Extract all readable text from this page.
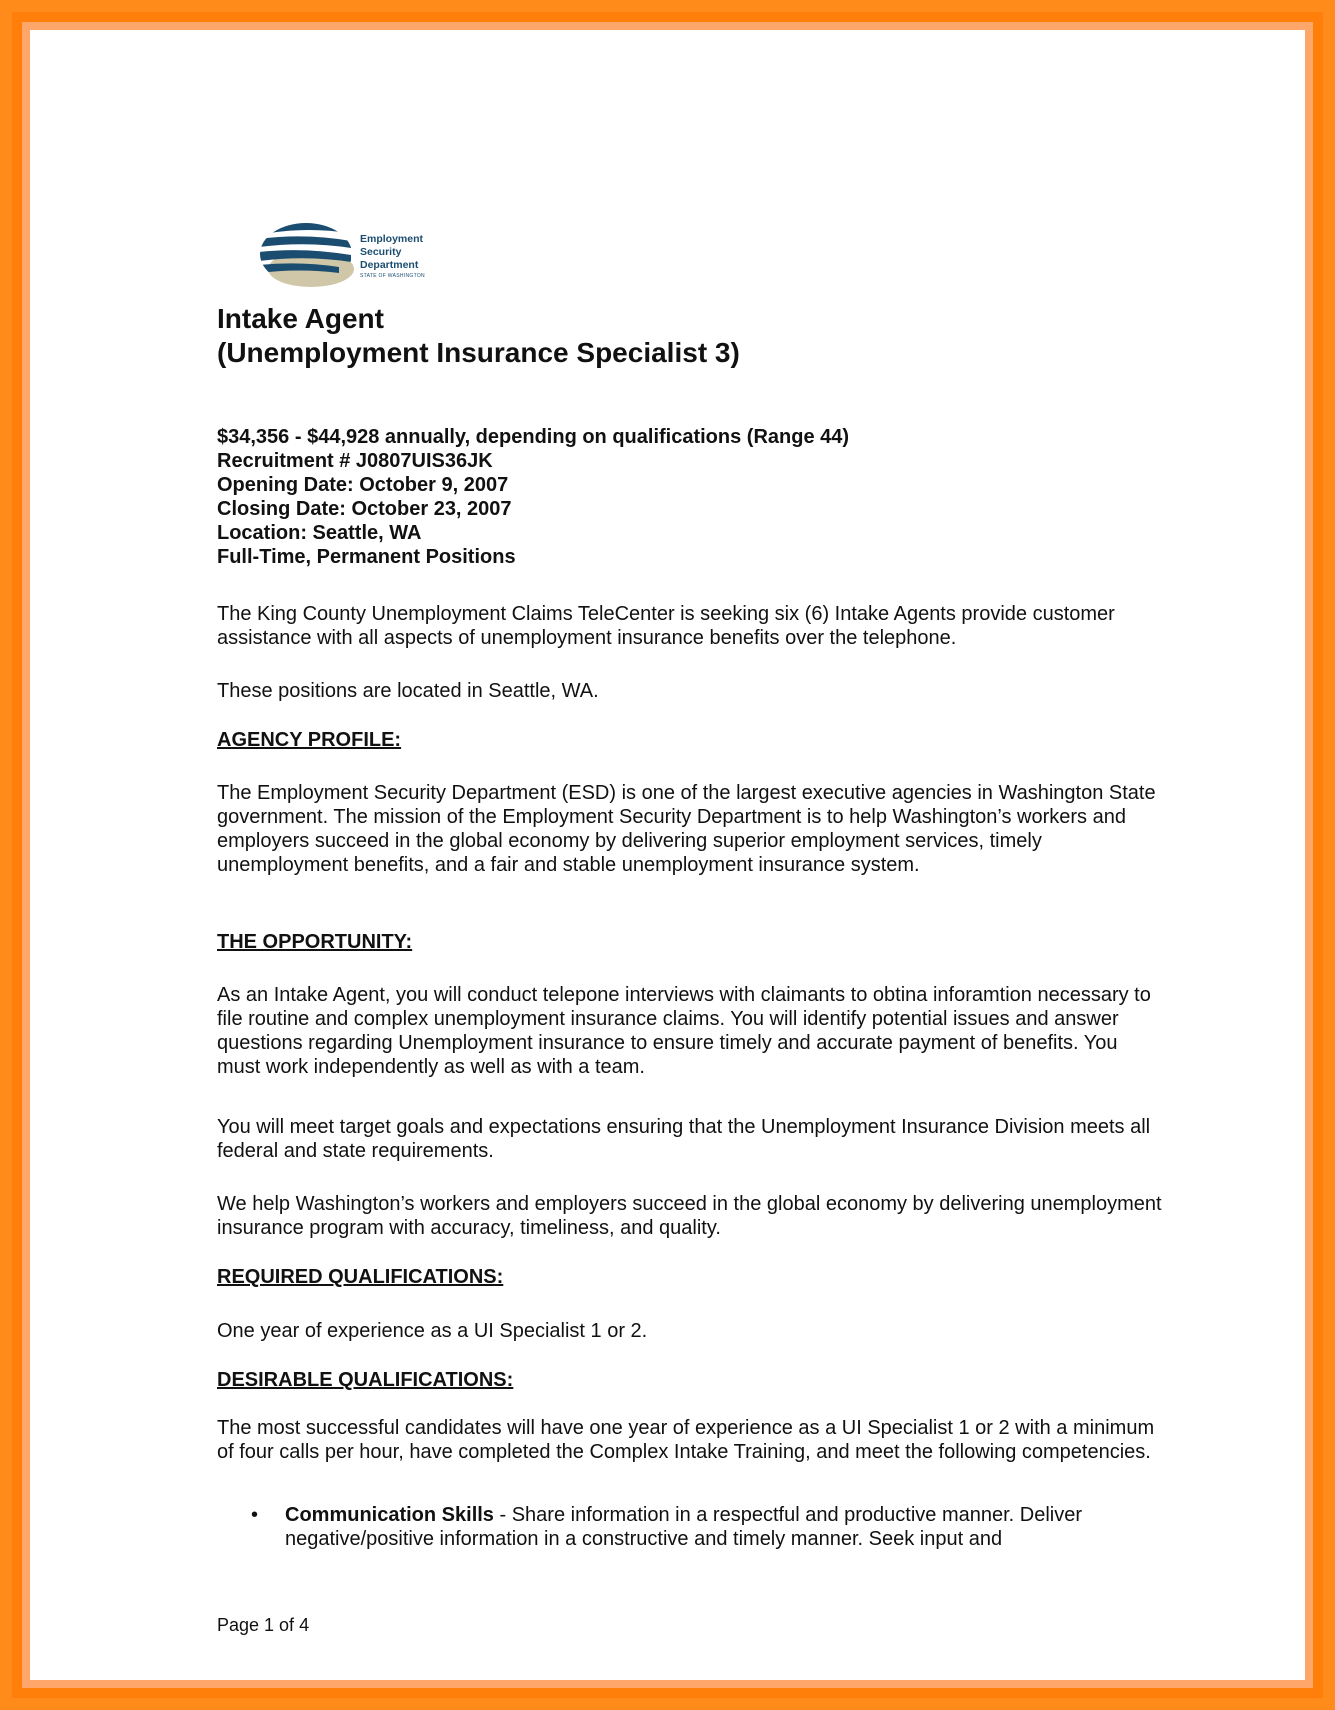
Employment
Security
Department
STATE OF WASHINGTON
Intake Agent
(Unemployment Insurance Specialist 3)
$34,356 - $44,928 annually, depending on qualifications (Range 44)
Recruitment # J0807UIS36JK
Opening Date: October 9, 2007
Closing Date: October 23, 2007
Location: Seattle, WA
Full-Time, Permanent Positions

The King County Unemployment Claims TeleCenter is seeking six (6) Intake Agents provide customer assistance with all aspects of unemployment insurance benefits over the telephone.

These positions are located in Seattle, WA.

AGENCY PROFILE:

The Employment Security Department (ESD) is one of the largest executive agencies in Washington State government. The mission of the Employment Security Department is to help Washington’s workers and employers succeed in the global economy by delivering superior employment services, timely unemployment benefits, and a fair and stable unemployment insurance system.

THE OPPORTUNITY:

As an Intake Agent, you will conduct telepone interviews with claimants to obtina inforamtion necessary to file routine and complex unemployment insurance claims. You will identify potential issues and answer questions regarding Unemployment insurance to ensure timely and accurate payment of benefits. You must work independently as well as with a team.

You will meet target goals and expectations ensuring that the Unemployment Insurance Division meets all federal and state requirements.

We help Washington’s workers and employers succeed in the global economy by delivering unemployment insurance program with accuracy, timeliness, and quality.

REQUIRED QUALIFICATIONS:

One year of experience as a UI Specialist 1 or 2.

DESIRABLE QUALIFICATIONS:

The most successful candidates will have one year of experience as a UI Specialist 1 or 2 with a minimum of four calls per hour, have completed the Complex Intake Training, and meet the following competencies.

• Communication Skills - Share information in a respectful and productive manner. Deliver negative/positive information in a constructive and timely manner. Seek input and
Page 1 of 4
